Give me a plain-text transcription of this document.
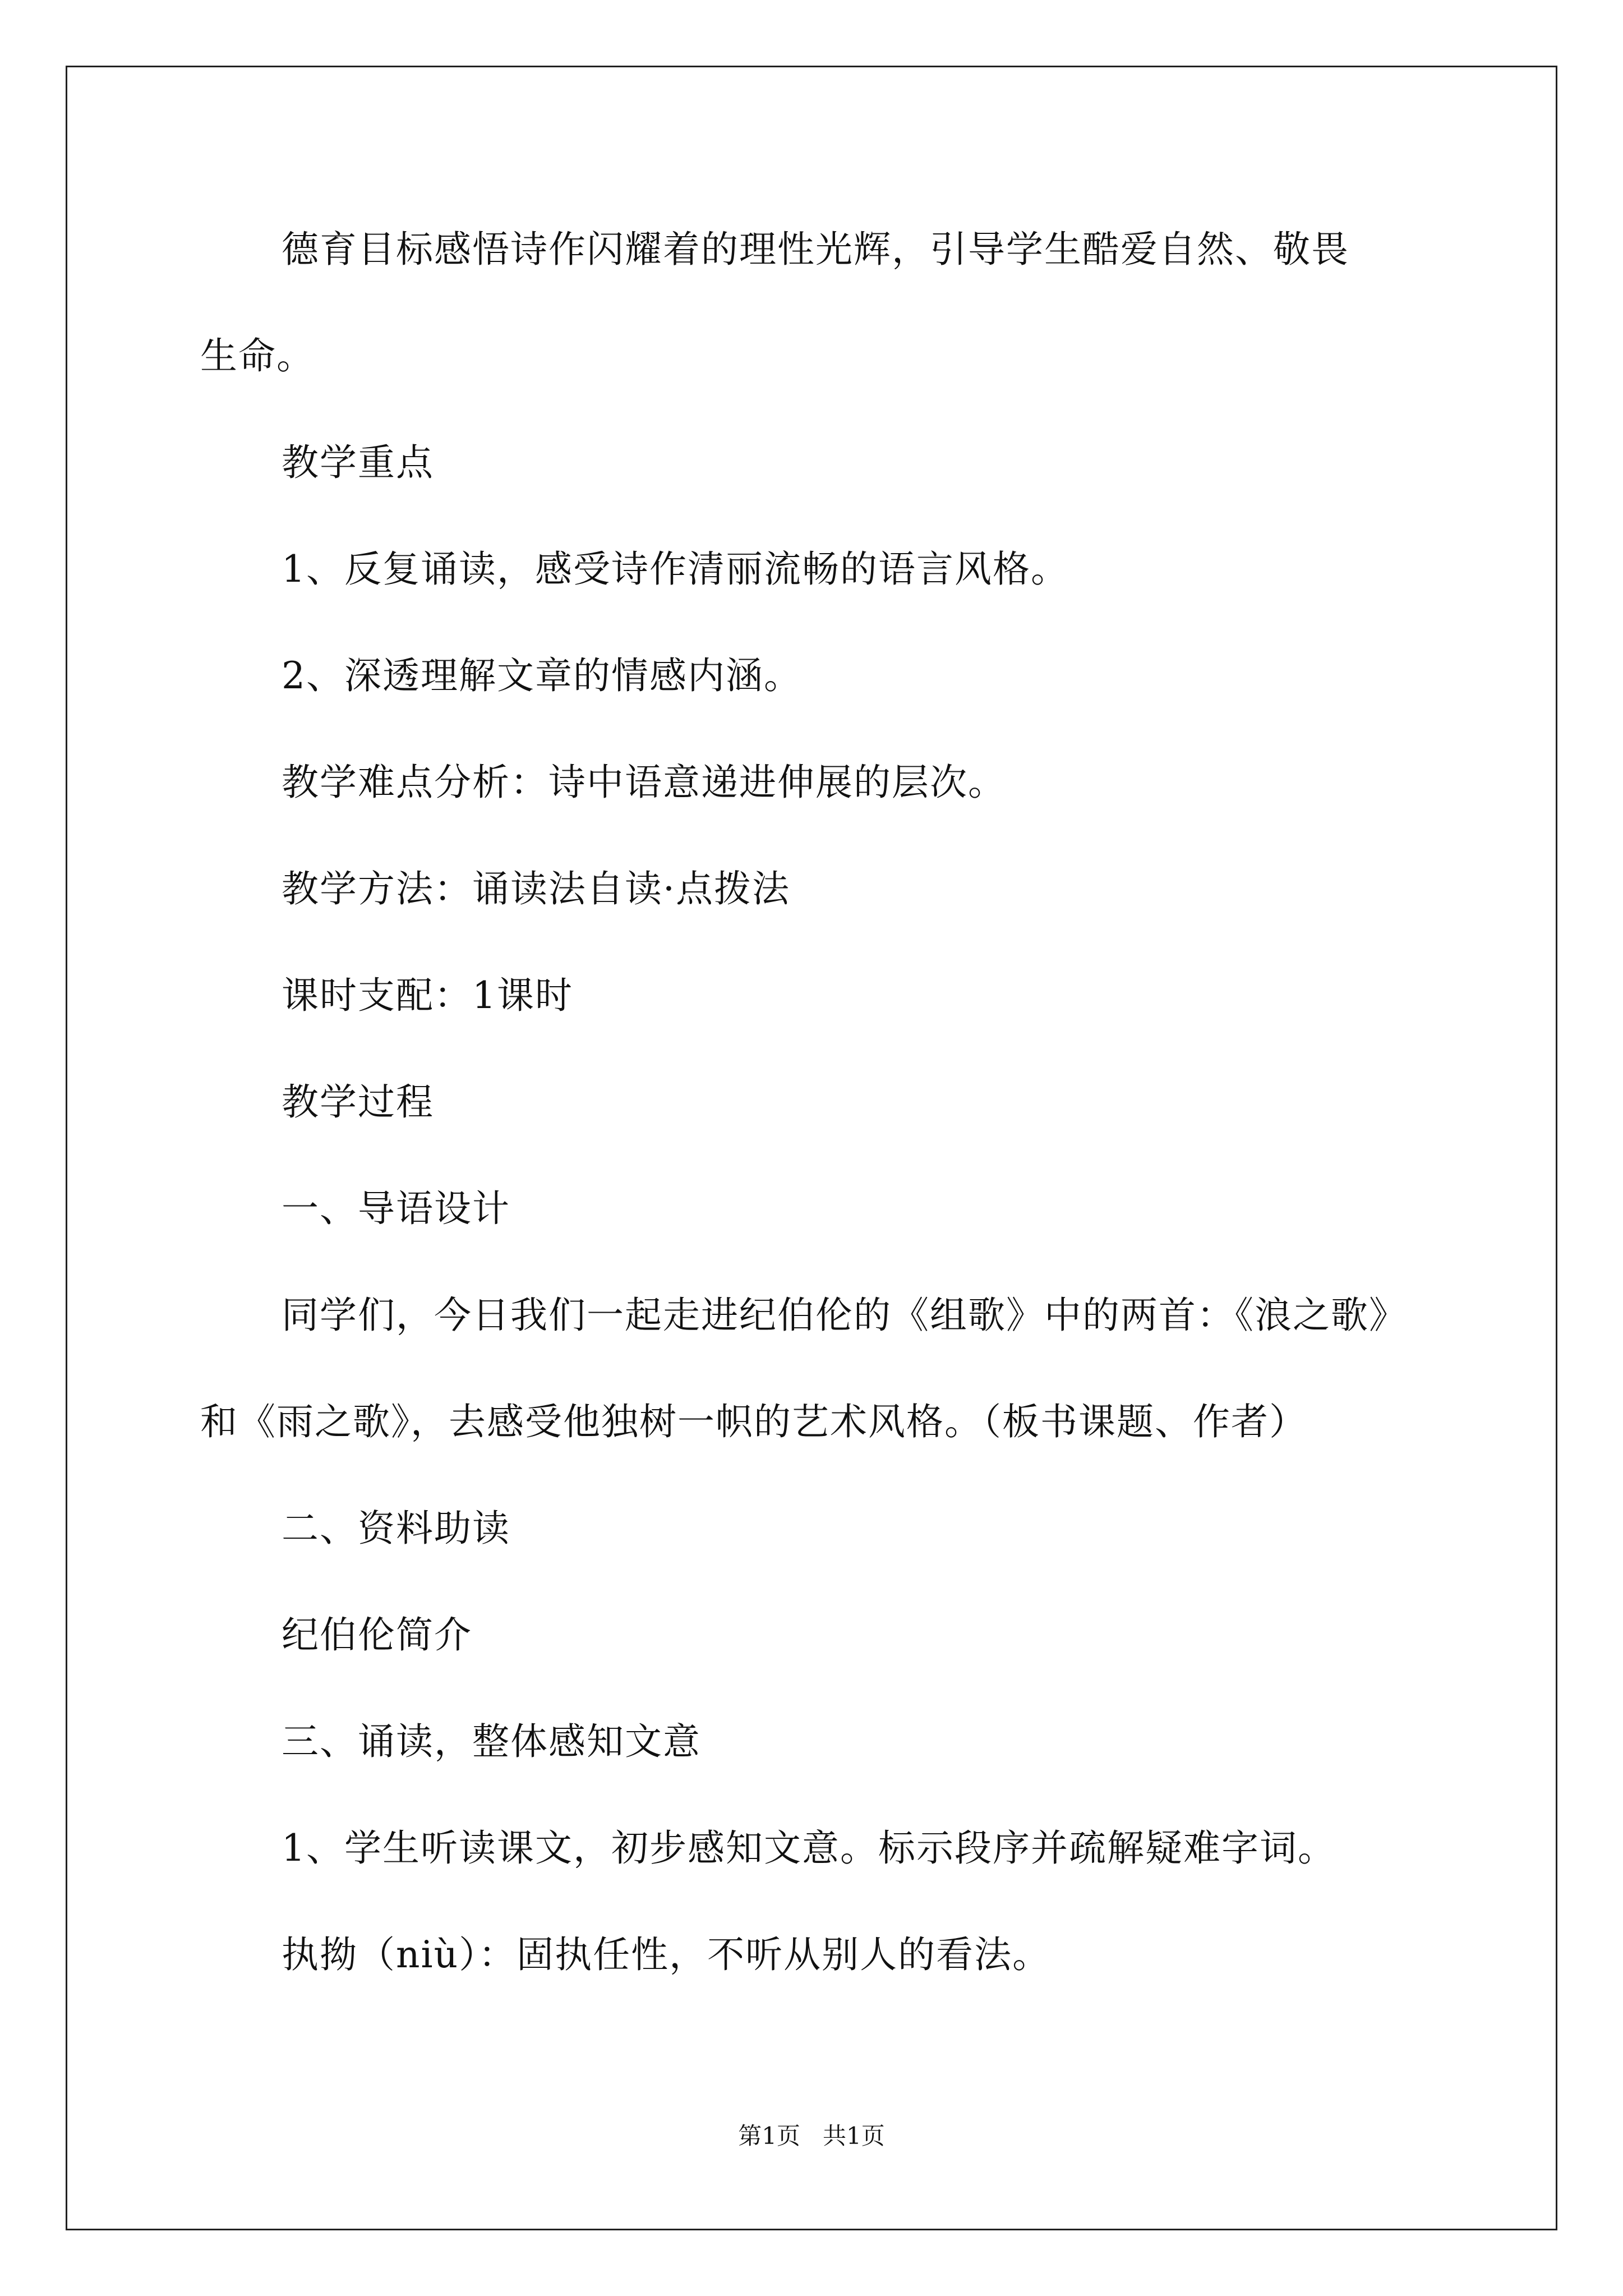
德育目标感悟诗作闪耀着的理性光辉，引导学生酷爱自然、敬畏
生命。
教学重点
1、反复诵读，感受诗作清丽流畅的语言风格。
2、深透理解文章的情感内涵。
教学难点分析：诗中语意递进伸展的层次。
教学方法：诵读法自读·点拨法
课时支配：1课时
教学过程
一、导语设计
同学们，今日我们一起走进纪伯伦的《组歌》中的两首：《浪之歌》
和《雨之歌》，去感受他独树一帜的艺术风格。（板书课题、作者）
二、资料助读
纪伯伦简介
三、诵读，整体感知文意
1、学生听读课文，初步感知文意。标示段序并疏解疑难字词。
执拗（niù）：固执任性，不听从别人的看法。
第1页   共1页
